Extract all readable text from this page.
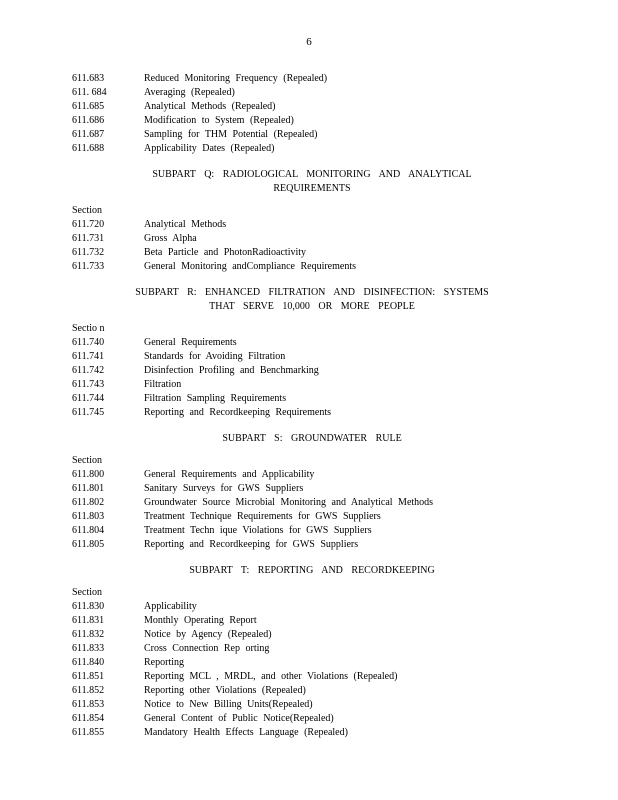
6
611.683	Reduced Monitoring Frequency (Repealed)
611. 684	Averaging (Repealed)
611.685	Analytical Methods (Repealed)
611.686	Modification to System (Repealed)
611.687	Sampling for THM Potential (Repealed)
611.688	Applicability Dates (Repealed)
SUBPART Q: RADIOLOGICAL MONITORING AND ANALYTICAL
REQUIREMENTS
Section
611.720	Analytical Methods
611.731	Gross Alpha
611.732	Beta Particle and PhotonRadioactivity
611.733	General Monitoring andCompliance Requirements
SUBPART R: ENHANCED FILTRATION AND DISINFECTION: SYSTEMS
THAT SERVE 10,000 OR MORE PEOPLE
Sectio n
611.740	General Requirements
611.741	Standards for Avoiding Filtration
611.742	Disinfection Profiling and Benchmarking
611.743	Filtration
611.744	Filtration Sampling Requirements
611.745	Reporting and Recordkeeping Requirements
SUBPART S: GROUNDWATER RULE
Section
611.800	General Requirements and Applicability
611.801	Sanitary Surveys for GWS Suppliers
611.802	Groundwater Source Microbial Monitoring and Analytical Methods
611.803	Treatment Technique Requirements for GWS Suppliers
611.804	Treatment Techn ique Violations for GWS Suppliers
611.805	Reporting and Recordkeeping for GWS Suppliers
SUBPART T: REPORTING AND RECORDKEEPING
Section
611.830	Applicability
611.831	Monthly Operating Report
611.832	Notice by Agency (Repealed)
611.833	Cross Connection Rep orting
611.840	Reporting
611.851	Reporting MCL , MRDL, and other Violations (Repealed)
611.852	Reporting other Violations (Repealed)
611.853	Notice to New Billing Units(Repealed)
611.854	General Content of Public Notice(Repealed)
611.855	Mandatory Health Effects Language (Repealed)
